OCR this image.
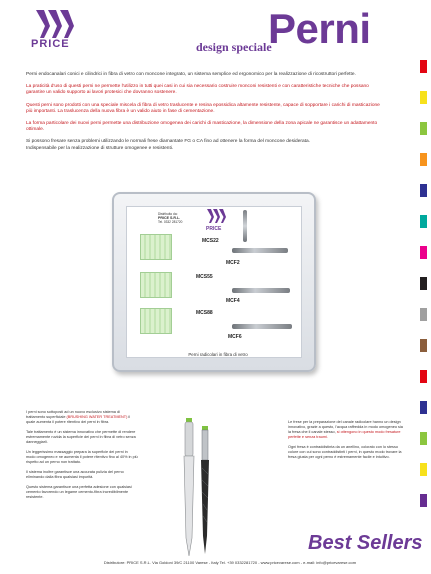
PRICE	design speciale
Perni

Perni endocanalari conici e cilindrici in fibra di vetro con moncone integrato, un sistema semplice ed ergonomico per la realizzazione di ricostruttori perfette.

La praticità d'uso di questi perni ne permette l'utilizzo in tutti quei casi in cui sia necessario costruire monconi resistenti e con caratteristiche tecniche che possano garantire un valido supporto ai lavori protesici che dovranno sostenere.

Questi perni sono prodotti con una speciale miscela di fibra di vetro traslucente e resina epossidica altamente resistente, capace di sopportare i carichi di masticazione più importanti. La traslucenza della nuova fibra è un valido aiuto in fase di cementazione.

La forma particolare dei nuovi perni permette una distribuzione omogenea dei carichi di masticazione, la dimensione della zona apicale ne garantisce un adattamento ottimale.

Si possono fresare senza problemi utilizzando le normali frese diamantate FG o CA fino ad ottenere la forma del moncone desiderata.
Indispensabile per la realizzazione di strutture omogenee e resistenti.

Distribuito da:
PRICE S.R.L.
Tel. 0332 281720
PRICE
MCS22
MCF2
MCS55
MCF4
MCS88
MCF6
Perni radicolari in fibra di vetro

I perni sono sottoposti ad un nuovo esclusivo sistema di trattamento superficiale (BRUSHING WATER TREATMENT) il quale aumenta il potere ritentivo dei perni in fibra.

Tale trattamento è un sistema innovativo che permette di rendere estremamente ruvida la superficie dei perni in fibra di vetro senza danneggiarli.

Un leggerissimo massaggio prepara la superficie dei perni in modo omogeneo e ne aumenta il potere ritentivo fino al 40% in più rispetto ad un perno non trattato.

Il sistema inoltre garantisce una accurata pulizia del perno eliminando dalla fibra qualsiasi impurità.

Questo sistema garantisce una perfetta adesione con qualsiasi cemento favorendo un legame cemento-fibra incredibilmente resistente.

Le frese per la preparazione del canale radicolare hanno un design innovativo, grazie a questo, l'acqua raffredda in modo omogeneo sia la fresa che il canale stesso, si ottengono in questo modo fresature perfette e senza traumi.

Ogni fresa è contraddistinta da un anellino, colorato con lo stesso colore con cui sono contraddistinti i perni, in questo modo trovare la fresa giusta per ogni perno è estremamente facile e intuitivo.

Best Sellers
Distributore: PRICE S.R.L. Via Goldoni 39/C 21100 Varese - Italy Tel. +39 0332281720 - www.pricevarese.com - e-mail: info@pricevarese.com
